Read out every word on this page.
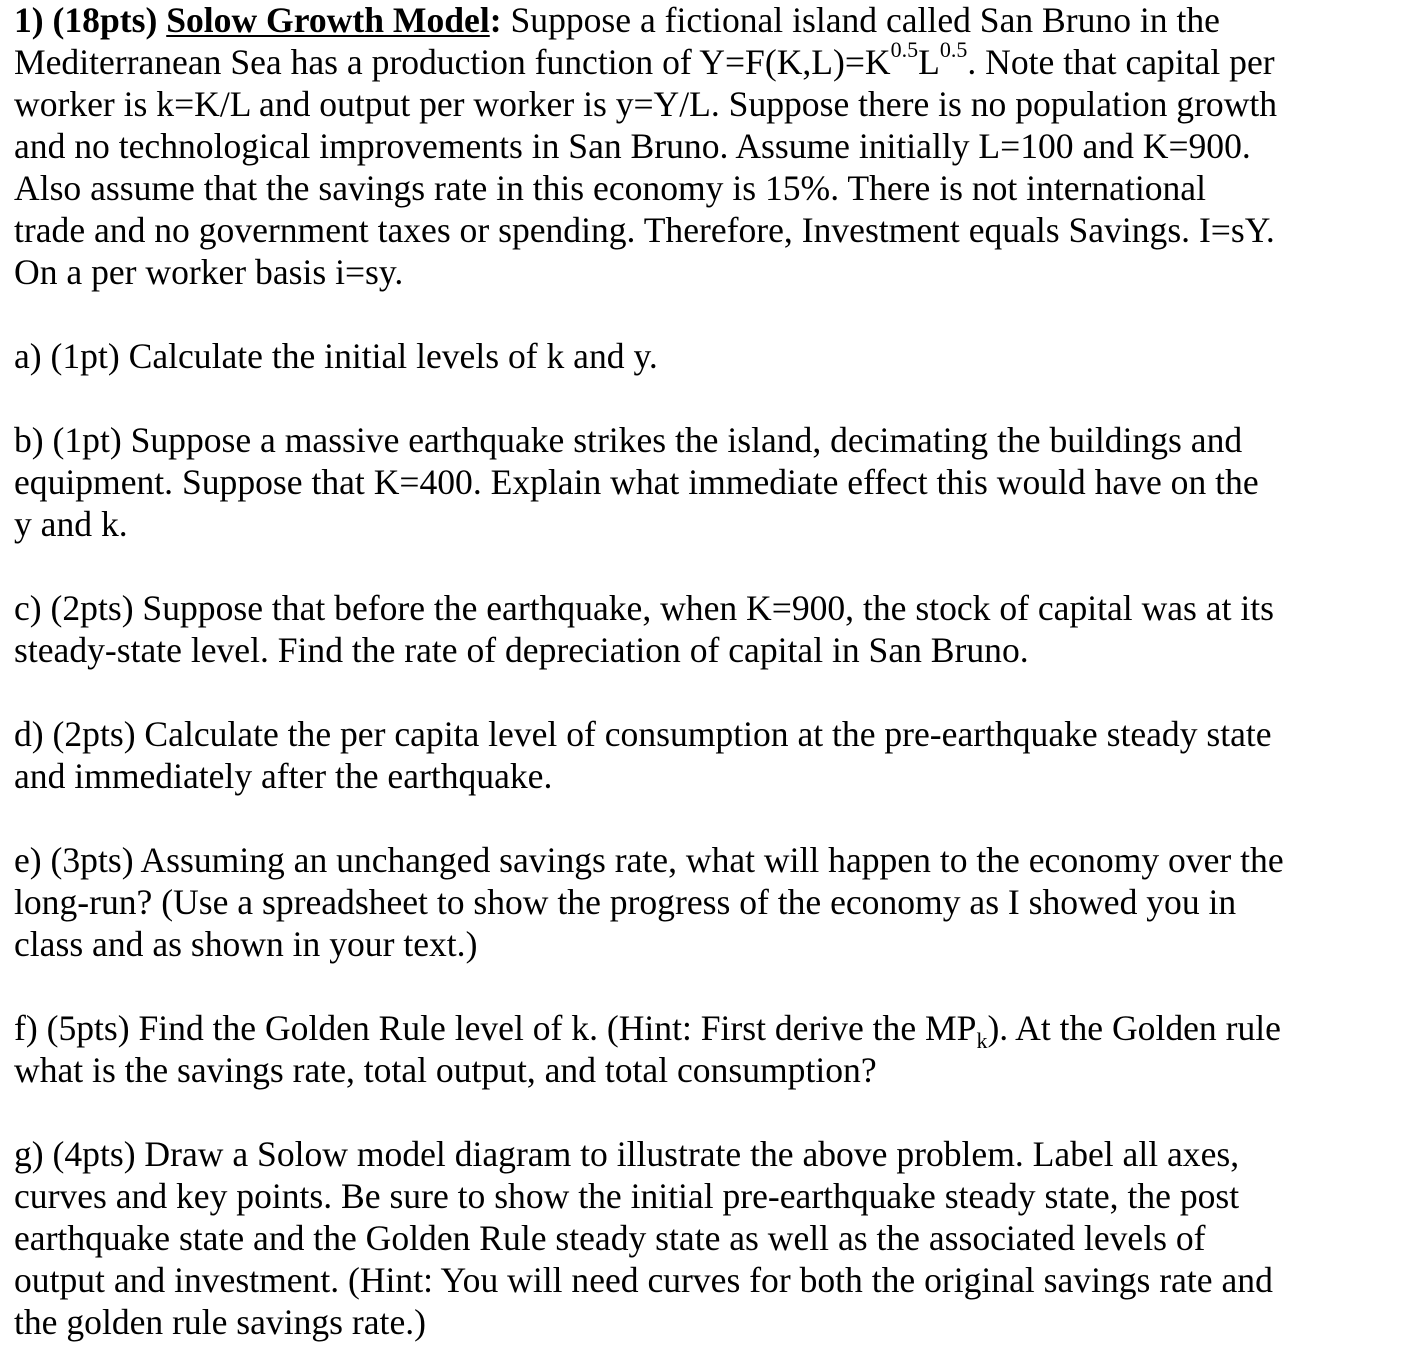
1) (18pts) Solow Growth Model: Suppose a fictional island called San Bruno in the
Mediterranean Sea has a production function of $Y=F(K,L)=K^{0.5}L^{0.5}$. Note that capital per
worker is k=K/L and output per worker is y=Y/L. Suppose there is no population growth
and no technological improvements in San Bruno. Assume initially L=100 and K=900.
Also assume that the savings rate in this economy is 15%. There is not international
trade and no government taxes or spending. Therefore, Investment equals Savings. I=sY.
On a per worker basis i=sy.
a) (1pt) Calculate the initial levels of k and y.
b) (1pt) Suppose a massive earthquake strikes the island, decimating the buildings and
equipment. Suppose that K=400. Explain what immediate effect this would have on the
y and k.
c) (2pts) Suppose that before the earthquake, when K=900, the stock of capital was at its
steady-state level. Find the rate of depreciation of capital in San Bruno.
d) (2pts) Calculate the per capita level of consumption at the pre-earthquake steady state
and immediately after the earthquake.
e) (3pts) Assuming an unchanged savings rate, what will happen to the economy over the
long-run? (Use a spreadsheet to show the progress of the economy as I showed you in
class and as shown in your text.)
f) (5pts) Find the Golden Rule level of k. (Hint: First derive the $MP_k$). At the Golden rule
what is the savings rate, total output, and total consumption?
g) (4pts) Draw a Solow model diagram to illustrate the above problem. Label all axes,
curves and key points. Be sure to show the initial pre-earthquake steady state, the post
earthquake state and the Golden Rule steady state as well as the associated levels of
output and investment. (Hint: You will need curves for both the original savings rate and
the golden rule savings rate.)
